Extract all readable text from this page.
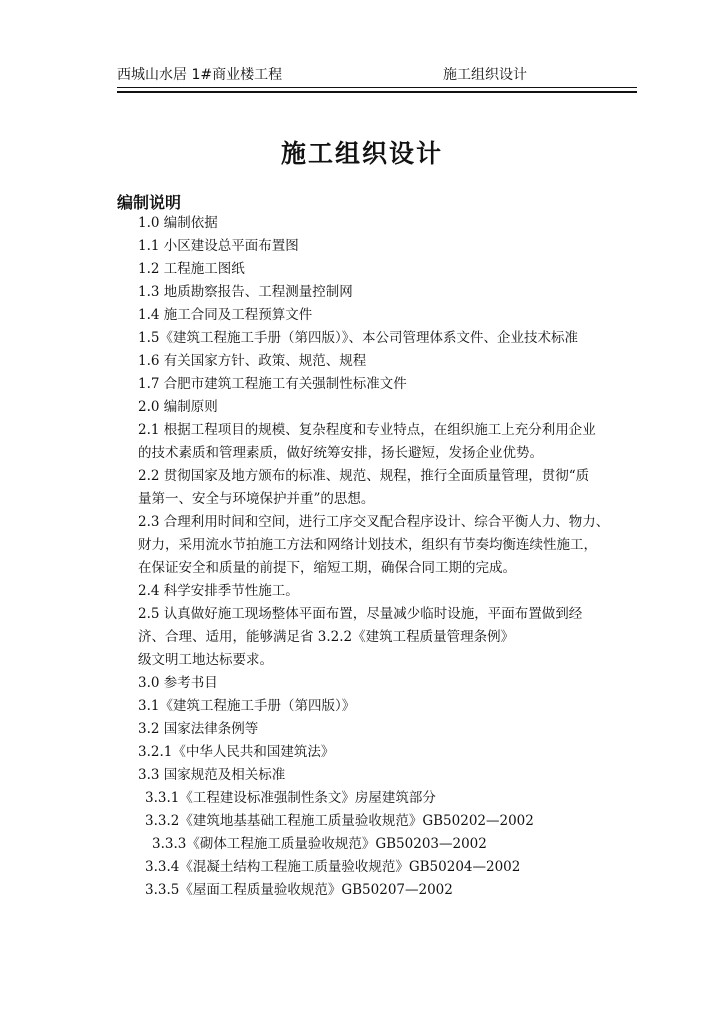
西城山水居 1#商业楼工程	施工组织设计
施工组织设计
编制说明
1.0 编制依据
1.1 小区建设总平面布置图
1.2 工程施工图纸
1.3 地质勘察报告、工程测量控制网
1.4 施工合同及工程预算文件
1.5《建筑工程施工手册（第四版）》、本公司管理体系文件、企业技术标准
1.6 有关国家方针、政策、规范、规程
1.7 合肥市建筑工程施工有关强制性标准文件
2.0 编制原则
2.1 根据工程项目的规模、复杂程度和专业特点，在组织施工上充分利用企业
的技术素质和管理素质，做好统筹安排，扬长避短，发扬企业优势。
2.2 贯彻国家及地方颁布的标准、规范、规程，推行全面质量管理，贯彻“质
量第一、安全与环境保护并重”的思想。
2.3 合理利用时间和空间，进行工序交叉配合程序设计、综合平衡人力、物力、
财力，采用流水节拍施工方法和网络计划技术，组织有节奏均衡连续性施工，
在保证安全和质量的前提下，缩短工期，确保合同工期的完成。
2.4 科学安排季节性施工。
2.5 认真做好施工现场整体平面布置，尽量减少临时设施，平面布置做到经
济、合理、适用，能够满足省 3.2.2《建筑工程质量管理条例》
级文明工地达标要求。
3.0 参考书目
3.1《建筑工程施工手册（第四版）》
3.2 国家法律条例等
3.2.1《中华人民共和国建筑法》
3.3 国家规范及相关标准
3.3.1《工程建设标准强制性条文》房屋建筑部分
3.3.2《建筑地基基础工程施工质量验收规范》GB50202—2002
3.3.3《砌体工程施工质量验收规范》GB50203—2002
3.3.4《混凝土结构工程施工质量验收规范》GB50204—2002
3.3.5《屋面工程质量验收规范》GB50207—2002
